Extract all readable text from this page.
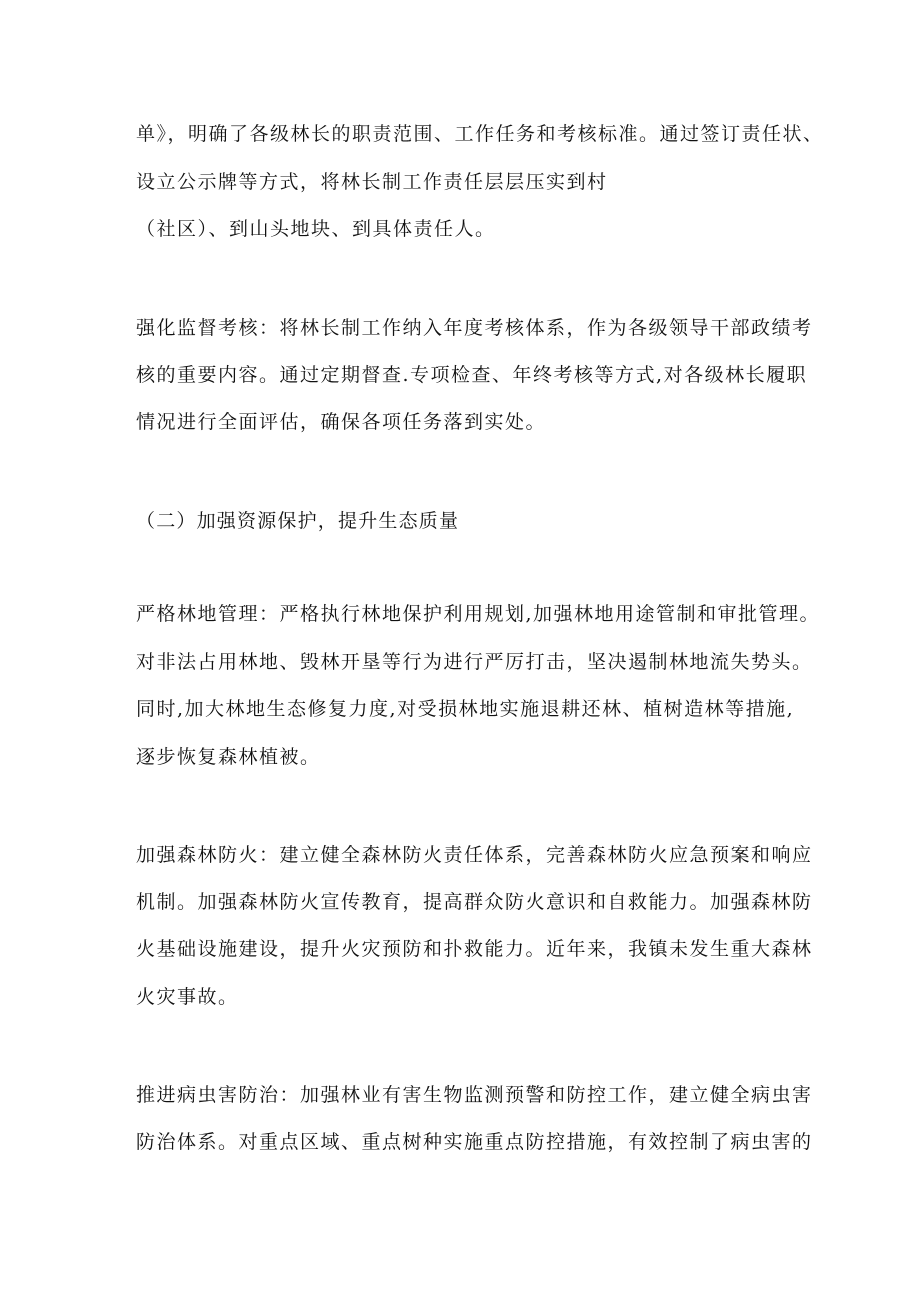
单》，明确了各级林长的职责范围、工作任务和考核标准。通过签订责任状、
设立公示牌等方式，将林长制工作责任层层压实到村
（社区）、到山头地块、到具体责任人。
强化监督考核：将林长制工作纳入年度考核体系，作为各级领导干部政绩考
核的重要内容。通过定期督查.专项检查、年终考核等方式,对各级林长履职
情况进行全面评估，确保各项任务落到实处。
（二）加强资源保护，提升生态质量
严格林地管理：严格执行林地保护利用规划,加强林地用途管制和审批管理。
对非法占用林地、毁林开垦等行为进行严厉打击，坚决遏制林地流失势头。
同时,加大林地生态修复力度,对受损林地实施退耕还林、植树造林等措施,
逐步恢复森林植被。
加强森林防火：建立健全森林防火责任体系，完善森林防火应急预案和响应
机制。加强森林防火宣传教育，提高群众防火意识和自救能力。加强森林防
火基础设施建设，提升火灾预防和扑救能力。近年来，我镇未发生重大森林
火灾事故。
推进病虫害防治：加强林业有害生物监测预警和防控工作，建立健全病虫害
防治体系。对重点区域、重点树种实施重点防控措施，有效控制了病虫害的
